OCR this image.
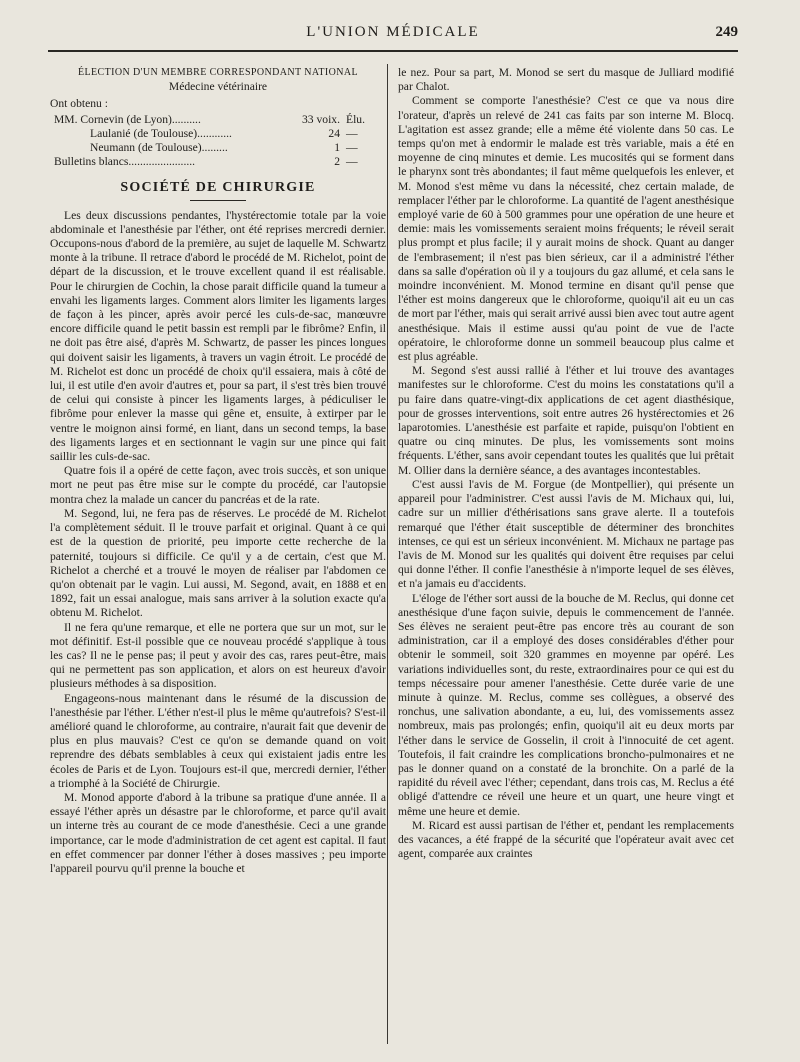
L'UNION MÉDICALE	249

ÉLECTION D'UN MEMBRE CORRESPONDANT NATIONAL

Médecine vétérinaire

Ont obtenu :

MM. Cornevin (de Lyon)..........	33 voix. Élu.
Laulanié (de Toulouse)............	24 —
Neumann (de Toulouse).........	1 —
Bulletins blancs.......................	2 —
SOCIÉTÉ DE CHIRURGIE

Les deux discussions pendantes, l'hystérectomie totale par la voie abdominale et l'anesthésie par l'éther, ont été reprises mercredi dernier. Occupons-nous d'abord de la première, au sujet de laquelle M. Schwartz monte à la tribune. Il retrace d'abord le procédé de M. Richelot, point de départ de la discussion, et le trouve excellent quand il est réalisable. Pour le chirurgien de Cochin, la chose parait difficile quand la tumeur a envahi les ligaments larges. Comment alors limiter les ligaments larges de façon à les pincer, après avoir percé les culs-de-sac, manœuvre encore difficile quand le petit bassin est rempli par le fibrôme? Enfin, il ne doit pas être aisé, d'après M. Schwartz, de passer les pinces longues qui doivent saisir les ligaments, à travers un vagin étroit. Le procédé de M. Richelot est donc un procédé de choix qu'il essaiera, mais à côté de lui, il est utile d'en avoir d'autres et, pour sa part, il s'est très bien trouvé de celui qui consiste à pincer les ligaments larges, à pédiculiser le fibrôme pour enlever la masse qui gêne et, ensuite, à extirper par le ventre le moignon ainsi formé, en liant, dans un second temps, la base des ligaments larges et en sectionnant le vagin sur une pince qui fait saillir les culs-de-sac.

Quatre fois il a opéré de cette façon, avec trois succès, et son unique mort ne peut pas être mise sur le compte du procédé, car l'autopsie montra chez la malade un cancer du pancréas et de la rate.

M. Segond, lui, ne fera pas de réserves. Le procédé de M. Richelot l'a complètement séduit. Il le trouve parfait et original. Quant à ce qui est de la question de priorité, peu importe cette recherche de la paternité, toujours si difficile. Ce qu'il y a de certain, c'est que M. Richelot a cherché et a trouvé le moyen de réaliser par l'abdomen ce qu'on obtenait par le vagin. Lui aussi, M. Segond, avait, en 1888 et en 1892, fait un essai analogue, mais sans arriver à la solution exacte qu'a obtenu M. Richelot.

Il ne fera qu'une remarque, et elle ne portera que sur un mot, sur le mot définitif. Est-il possible que ce nouveau procédé s'applique à tous les cas? Il ne le pense pas; il peut y avoir des cas, rares peut-être, mais qui ne permettent pas son application, et alors on est heureux d'avoir plusieurs méthodes à sa disposition.

Engageons-nous maintenant dans le résumé de la discussion de l'anesthésie par l'éther. L'éther n'est-il plus le même qu'autrefois? S'est-il amélioré quand le chloroforme, au contraire, n'aurait fait que devenir de plus en plus mauvais? C'est ce qu'on se demande quand on voit reprendre des débats semblables à ceux qui existaient jadis entre les écoles de Paris et de Lyon. Toujours est-il que, mercredi dernier, l'éther a triomphé à la Société de Chirurgie.

M. Monod apporte d'abord à la tribune sa pratique d'une année. Il a essayé l'éther après un désastre par le chloroforme, et parce qu'il avait un interne très au courant de ce mode d'anesthésie. Ceci a une grande importance, car le mode d'administration de cet agent est capital. Il faut en effet commencer par donner l'éther à doses massives ; peu importe l'appareil pourvu qu'il prenne la bouche et

le nez. Pour sa part, M. Monod se sert du masque de Julliard modifié par Chalot.

Comment se comporte l'anesthésie? C'est ce que va nous dire l'orateur, d'après un relevé de 241 cas faits par son interne M. Blocq. L'agitation est assez grande; elle a même été violente dans 50 cas. Le temps qu'on met à endormir le malade est très variable, mais a été en moyenne de cinq minutes et demie. Les mucosités qui se forment dans le pharynx sont très abondantes; il faut même quelquefois les enlever, et M. Monod s'est même vu dans la nécessité, chez certain malade, de remplacer l'éther par le chloroforme. La quantité de l'agent anesthésique employé varie de 60 à 500 grammes pour une opération de une heure et demie: mais les vomissements seraient moins fréquents; le réveil serait plus prompt et plus facile; il y aurait moins de shock. Quant au danger de l'embrasement; il n'est pas bien sérieux, car il a administré l'éther dans sa salle d'opération où il y a toujours du gaz allumé, et cela sans le moindre inconvénient. M. Monod termine en disant qu'il pense que l'éther est moins dangereux que le chloroforme, quoiqu'il ait eu un cas de mort par l'éther, mais qui serait arrivé aussi bien avec tout autre agent anesthésique. Mais il estime aussi qu'au point de vue de l'acte opératoire, le chloroforme donne un sommeil beaucoup plus calme et est plus agréable.

M. Segond s'est aussi rallié à l'éther et lui trouve des avantages manifestes sur le chloroforme. C'est du moins les constatations qu'il a pu faire dans quatre-vingt-dix applications de cet agent diasthésique, pour de grosses interventions, soit entre autres 26 hystérectomies et 26 laparotomies. L'anesthésie est parfaite et rapide, puisqu'on l'obtient en quatre ou cinq minutes. De plus, les vomissements sont moins fréquents. L'éther, sans avoir cependant toutes les qualités que lui prêtait M. Ollier dans la dernière séance, a des avantages incontestables.

C'est aussi l'avis de M. Forgue (de Montpellier), qui présente un appareil pour l'administrer. C'est aussi l'avis de M. Michaux qui, lui, cadre sur un millier d'éthérisations sans grave alerte. Il a toutefois remarqué que l'éther était susceptible de déterminer des bronchites intenses, ce qui est un sérieux inconvénient. M. Michaux ne partage pas l'avis de M. Monod sur les qualités qui doivent être requises par celui qui donne l'éther. Il confie l'anesthésie à n'importe lequel de ses élèves, et n'a jamais eu d'accidents.

L'éloge de l'éther sort aussi de la bouche de M. Reclus, qui donne cet anesthésique d'une façon suivie, depuis le commencement de l'année. Ses élèves ne seraient peut-être pas encore très au courant de son administration, car il a employé des doses considérables d'éther pour obtenir le sommeil, soit 320 grammes en moyenne par opéré. Les variations individuelles sont, du reste, extraordinaires pour ce qui est du temps nécessaire pour amener l'anesthésie. Cette durée varie de une minute à quinze. M. Reclus, comme ses collègues, a observé des ronchus, une salivation abondante, a eu, lui, des vomissements assez nombreux, mais pas prolongés; enfin, quoiqu'il ait eu deux morts par l'éther dans le service de Gosselin, il croit à l'innocuité de cet agent. Toutefois, il fait craindre les complications broncho-pulmonaires et ne pas le donner quand on a constaté de la bronchite. On a parlé de la rapidité du réveil avec l'éther; cependant, dans trois cas, M. Reclus a été obligé d'attendre ce réveil une heure et un quart, une heure vingt et même une heure et demie.

M. Ricard est aussi partisan de l'éther et, pendant les remplacements des vacances, a été frappé de la sécurité que l'opérateur avait avec cet agent, comparée aux craintes
